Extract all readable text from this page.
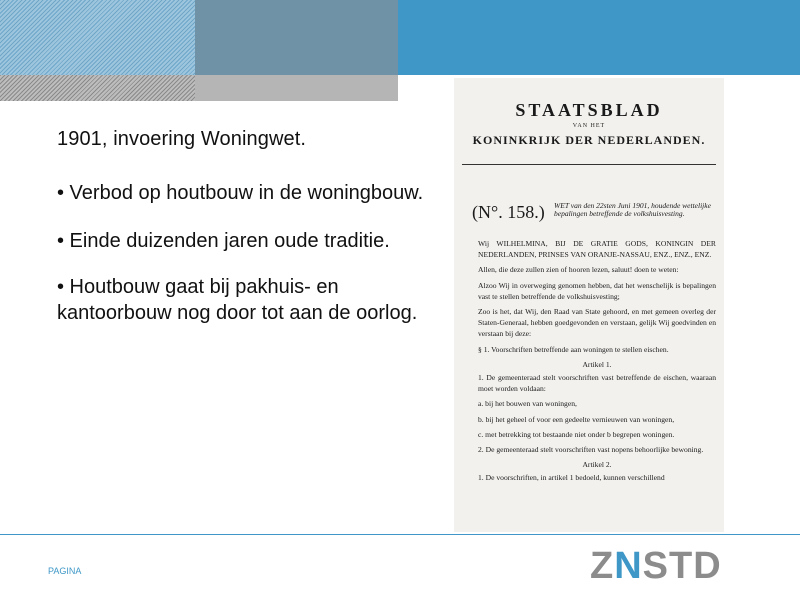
1901, invoering Woningwet.
• Verbod op houtbouw in de woningbouw.
• Einde duizenden jaren oude traditie.
• Houtbouw gaat bij pakhuis- en kantoorbouw nog door tot aan de oorlog.
STAATSBLAD
VAN HET
KONINKRIJK DER NEDERLANDEN.
(N°. 158.) WET van den 22sten Juni 1901, houdende wettelijke bepalingen betreffende de volkshuisvesting.

Wij WILHELMINA, BIJ DE GRATIE GODS, KONINGIN DER NEDERLANDEN, PRINSES VAN ORANJE-NASSAU, ENZ., ENZ., ENZ.

Allen, die deze zullen zien of hooren lezen, saluut! doen te weten:

Alzoo Wij in overweging genomen hebben, dat het wenschelijk is bepalingen vast te stellen betreffende de volkshuisvesting;

Zoo is het, dat Wij, den Raad van State gehoord, en met gemeen overleg der Staten-Generaal, hebben goedgevonden en verstaan, gelijk Wij goedvinden en verstaan bij deze:

§ 1. Voorschriften betreffende aan woningen te stellen eischen.

Artikel 1.

1. De gemeenteraad stelt voorschriften vast betreffende de eischen, waaraan moet worden voldaan:

a. bij het bouwen van woningen,

b. bij het geheel of voor een gedeelte vernieuwen van woningen,

c. met betrekking tot bestaande niet onder b begrepen woningen.

2. De gemeenteraad stelt voorschriften vast nopens behoorlijke bewoning.

Artikel 2.

1. De voorschriften, in artikel 1 bedoeld, kunnen verschillend

PAGINA	Z N STD
